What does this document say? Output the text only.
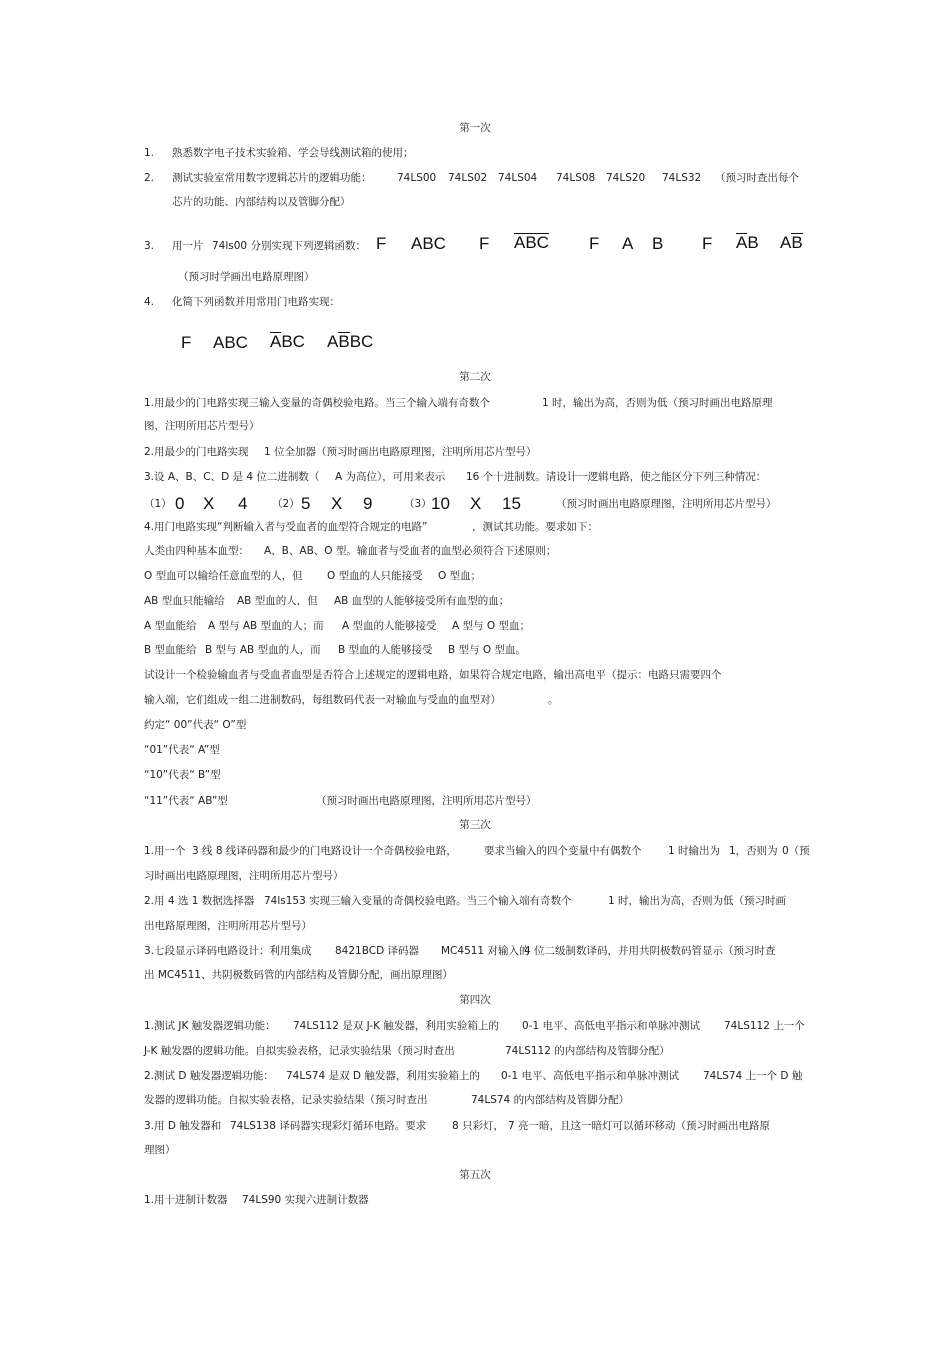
第一次
1. 熟悉数字电子技术实验箱、学会导线测试箱的使用；
2. 测试实验室常用数字逻辑芯片的逻辑功能： 74LS00 74LS02 74LS04 74LS08 74LS20 74LS32 （预习时查出每个
芯片的功能、内部结构以及管脚分配）
3. 用一片 74ls00 分别实现下列逻辑函数： F ABC F ABC F A B F AB AB
（预习时学画出电路原理图）
4. 化简下列函数并用常用门电路实现：
F ABC ABC ABBC
第二次
1.用最少的门电路实现三输入变量的奇偶校验电路。当三个输入端有奇数个	1 时，输出为高，否则为低（预习时画出电路原理
图，注明所用芯片型号）
2.用最少的门电路实现 1 位全加器（预习时画出电路原理图，注明所用芯片型号）
3.设 A、B、C、D 是 4 位二进制数（ A 为高位），可用来表示 16 个十进制数。请设计一逻辑电路，使之能区分下列三种情况：
（1） 0 X 4 （2） 5 X 9	（3） 10 X 15	（预习时画出电路原理图，注明所用芯片型号）
4.用门电路实现“判断输入者与受血者的血型符合规定的电路”	，测试其功能。要求如下：
人类由四种基本血型： A、B、AB、O 型。输血者与受血者的血型必须符合下述原则；
O 型血可以输给任意血型的人，但 O 型血的人只能接受 O 型血；
AB 型血只能输给 AB 型血的人，但 AB 血型的人能够接受所有血型的血；
A 型血能给 A 型与 AB 型血的人；而 A 型血的人能够接受 A 型与 O 型血；
B 型血能给 B 型与 AB 型血的人，而 B 型血的人能够接受 B 型与 O 型血。
试设计一个检验输血者与受血者血型是否符合上述规定的逻辑电路，如果符合规定电路，输出高电平（提示：电路只需要四个
输入端，它们组成一组二进制数码，每组数码代表一对输血与受血的血型对）	。
约定“ 00”代表“ O”型
“01”代表“ A”型
“10”代表“ B”型
“11”代表“ AB”型	（预习时画出电路原理图，注明所用芯片型号）
第三次
1.用一个 3 线 8 线译码器和最少的门电路设计一个奇偶校验电路，	要求当输入的四个变量中有偶数个	1 时输出为 1，否则为 0（预
习时画出电路原理图，注明所用芯片型号）
2.用 4 选 1 数据选择器 74ls153 实现三输入变量的奇偶校验电路。当三个输入端有奇数个	1 时，输出为高，否则为低（预习时画
出电路原理图，注明所用芯片型号）
3.七段显示译码电路设计：利用集成 8421BCD 译码器 MC4511 对输入的
4 位二级制数译码，并用共阴极数码管显示（预习时查
出 MC4511、共阴极数码管的内部结构及管脚分配，画出原理图）
第四次
1.测试 JK 触发器逻辑功能： 74LS112 是双 J-K 触发器，利用实验箱上的 0-1 电平、高低电平指示和单脉冲测试 74LS112 上一个
J-K 触发器的逻辑功能。自拟实验表格，记录实验结果（预习时查出	74LS112 的内部结构及管脚分配）
2.测试 D 触发器逻辑功能： 74LS74 是双 D 触发器，利用实验箱上的 0-1 电平、高低电平指示和单脉冲测试 74LS74 上一个 D 触
发器的逻辑功能。自拟实验表格，记录实验结果（预习时查出	74LS74 的内部结构及管脚分配）
3.用 D 触发器和 74LS138 译码器实现彩灯循环电路。要求 8 只彩灯， 7 亮一暗，且这一暗灯可以循环移动（预习时画出电路原
理图）
第五次
1.用十进制计数器 74LS90 实现六进制计数器
